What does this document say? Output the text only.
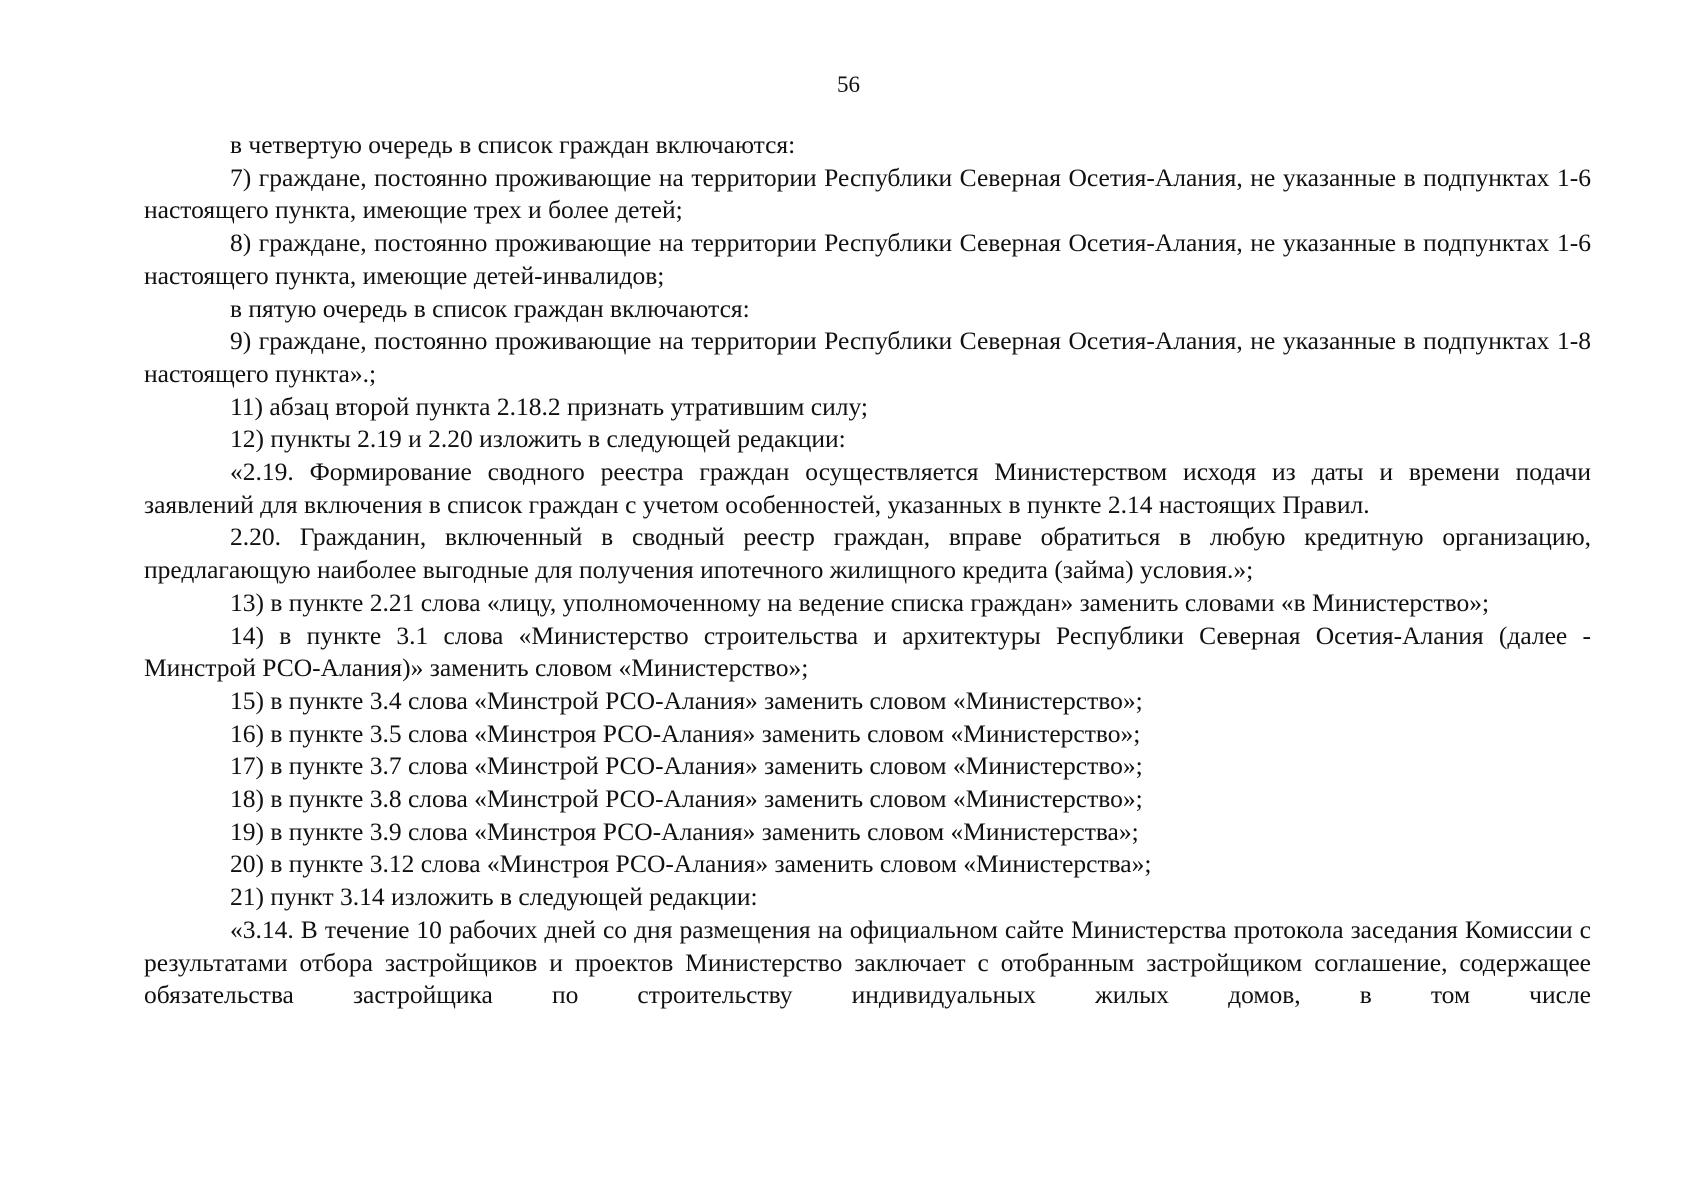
56

в четвертую очередь в список граждан включаются:

7) граждане, постоянно проживающие на территории Республики Северная Осетия-Алания, не указанные в подпунктах 1-6 настоящего пункта, имеющие трех и более детей;

8) граждане, постоянно проживающие на территории Республики Северная Осетия-Алания, не указанные в подпунктах 1-6 настоящего пункта, имеющие детей-инвалидов;

в пятую очередь в список граждан включаются:

9) граждане, постоянно проживающие на территории Республики Северная Осетия-Алания, не указанные в подпунктах 1-8 настоящего пункта».;

11) абзац второй пункта 2.18.2 признать утратившим силу;

12) пункты 2.19 и 2.20 изложить в следующей редакции:

«2.19. Формирование сводного реестра граждан осуществляется Министерством исходя из даты и времени подачи заявлений для включения в список граждан с учетом особенностей, указанных в пункте 2.14 настоящих Правил.

2.20. Гражданин, включенный в сводный реестр граждан, вправе обратиться в любую кредитную организацию, предлагающую наиболее выгодные для получения ипотечного жилищного кредита (займа) условия.»;

13) в пункте 2.21 слова «лицу, уполномоченному на ведение списка граждан» заменить словами «в Министерство»;

14) в пункте 3.1 слова «Министерство строительства и архитектуры Республики Северная Осетия-Алания (далее - Минстрой РСО-Алания)» заменить словом «Министерство»;

15) в пункте 3.4 слова «Минстрой РСО-Алания» заменить словом «Министерство»;

16) в пункте 3.5 слова «Минстроя РСО-Алания» заменить словом «Министерство»;

17) в пункте 3.7 слова «Минстрой РСО-Алания» заменить словом «Министерство»;

18) в пункте 3.8 слова «Минстрой РСО-Алания» заменить словом «Министерство»;

19) в пункте 3.9 слова «Минстроя РСО-Алания» заменить словом «Министерства»;

20) в пункте 3.12 слова «Минстроя РСО-Алания» заменить словом «Министерства»;

21) пункт 3.14 изложить в следующей редакции:

«3.14. В течение 10 рабочих дней со дня размещения на официальном сайте Министерства протокола заседания Комиссии с результатами отбора застройщиков и проектов Министерство заключает с отобранным застройщиком соглашение, содержащее обязательства застройщика по строительству индивидуальных жилых домов, в том числе
